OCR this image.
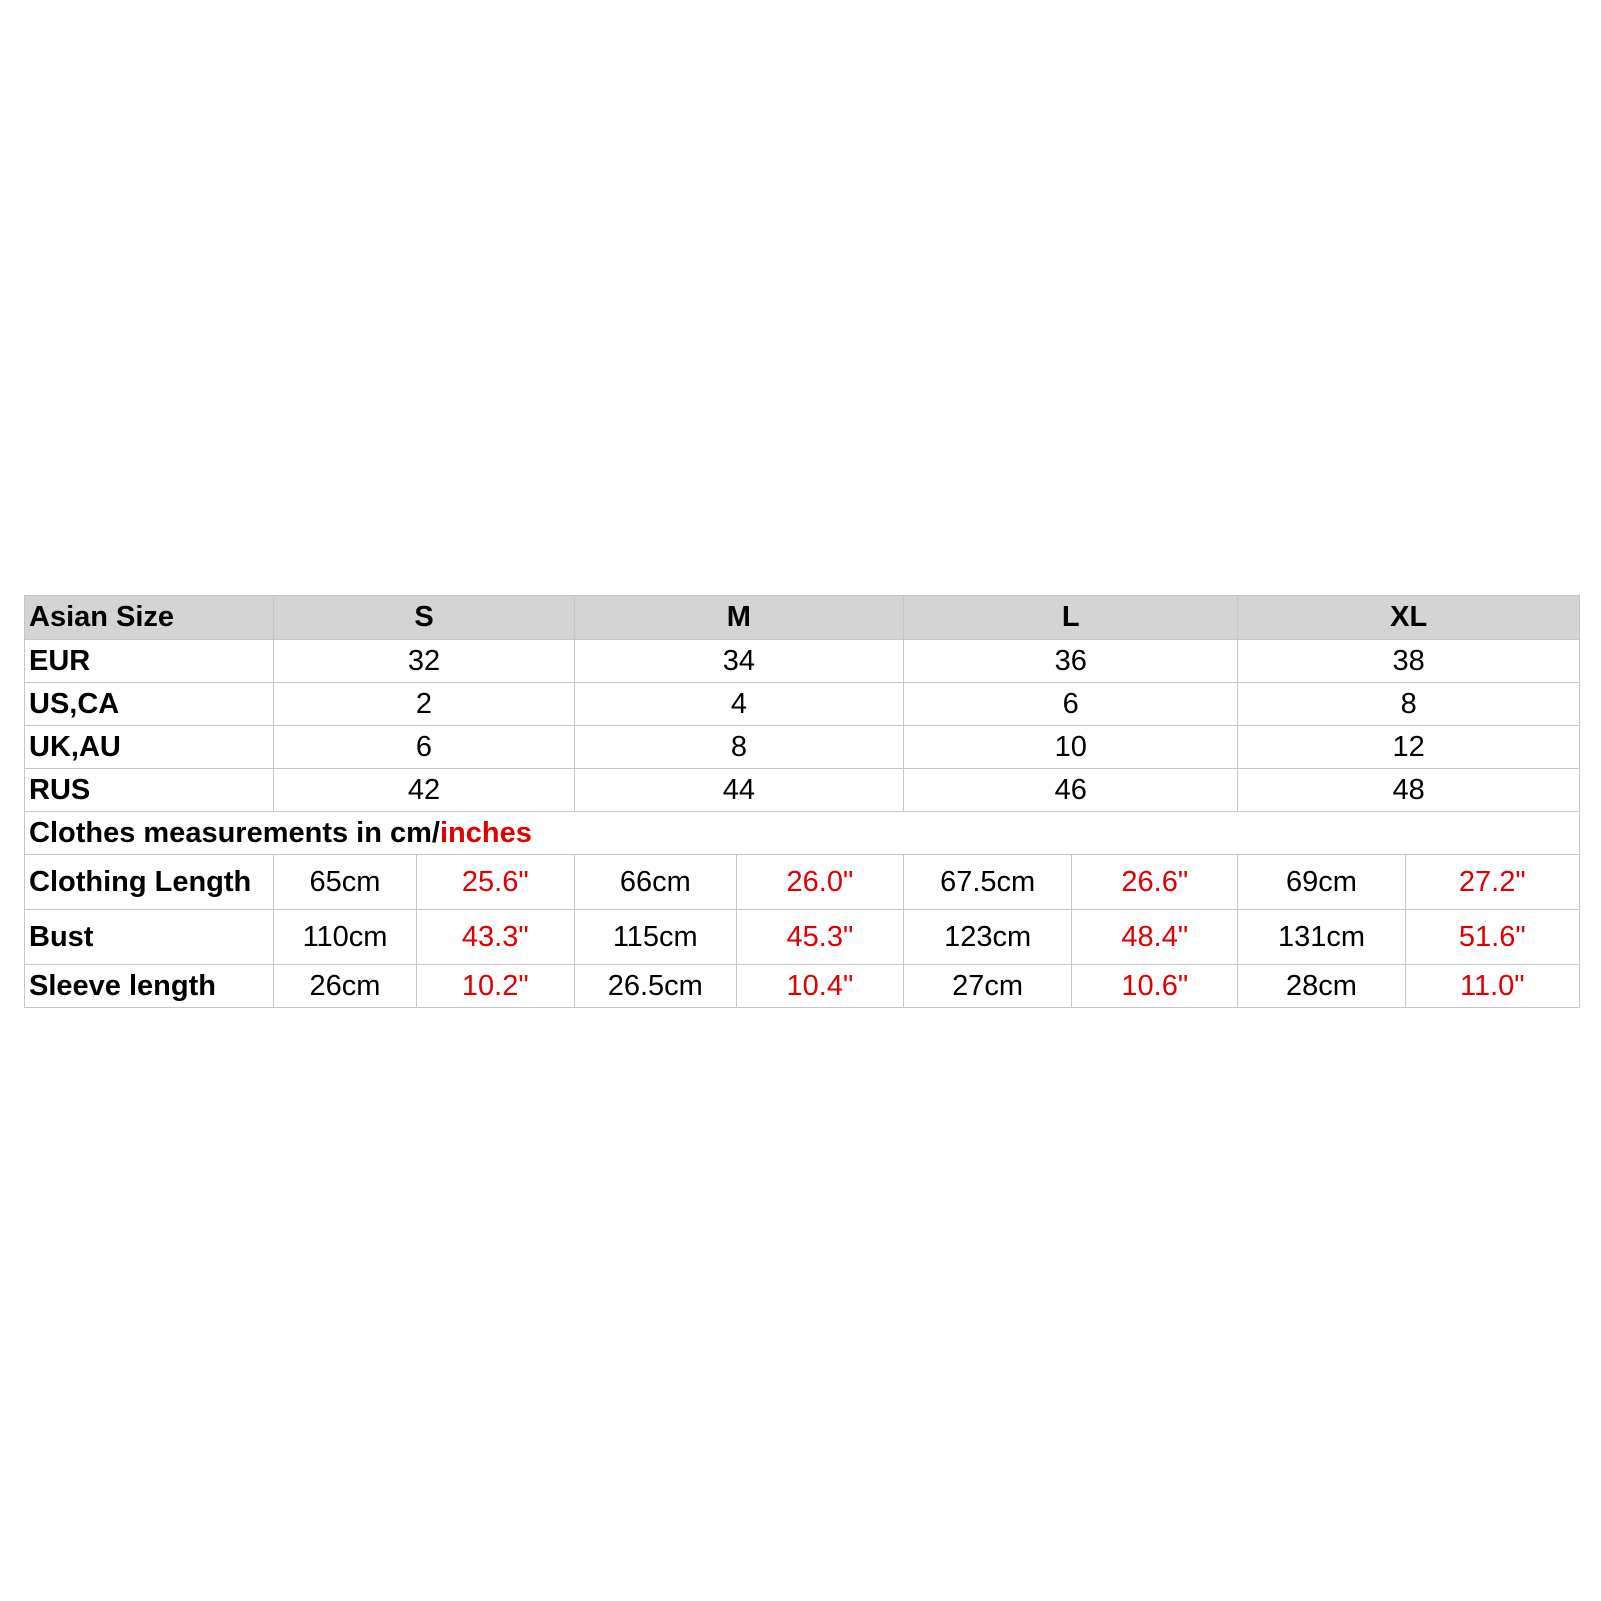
Asian Size	S		M		L		XL	
EUR	32		34		36		38	
US,CA	2		4		6		8	
UK,AU	6		8		10		12	
RUS	42		44		46		48	
Clothes measurements in cm/inches								
Clothing Length	65cm	25.6"	66cm	26.0"	67.5cm	26.6"	69cm	27.2"
Bust	110cm	43.3"	115cm	45.3"	123cm	48.4"	131cm	51.6"
Sleeve length	26cm	10.2"	26.5cm	10.4"	27cm	10.6"	28cm	11.0"
